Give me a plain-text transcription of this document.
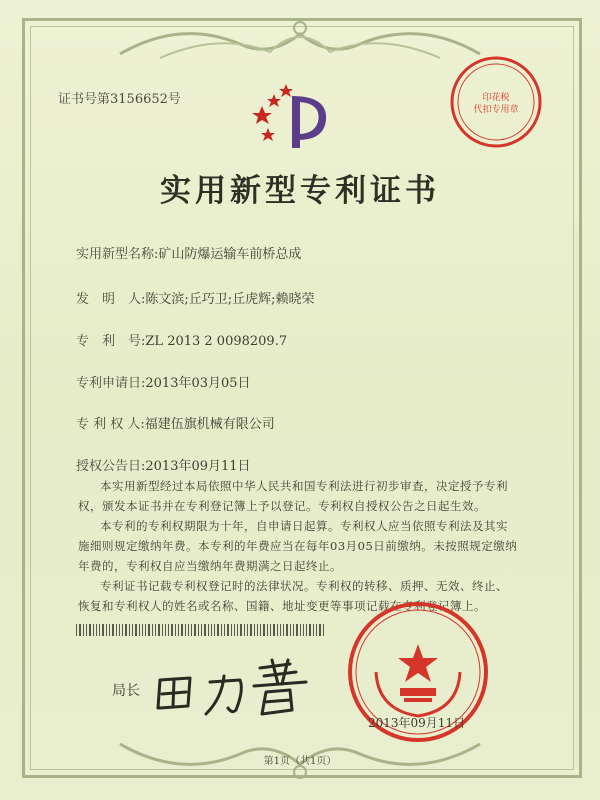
证书号第3156652号	印花税
代扣专用章
实用新型专利证书
实用新型名称:矿山防爆运输车前桥总成
发　明　人:陈文滨;丘巧卫;丘虎辉;赖晓荣
专　利　号:ZL 2013 2 0098209.7
专利申请日:2013年03月05日
专 利 权 人:福建伍旗机械有限公司
授权公告日:2013年09月11日

本实用新型经过本局依照中华人民共和国专利法进行初步审查，决定授予专利权，颁发本证书并在专利登记簿上予以登记。专利权自授权公告之日起生效。

本专利的专利权期限为十年，自申请日起算。专利权人应当依照专利法及其实施细则规定缴纳年费。本专利的年费应当在每年03月05日前缴纳。未按照规定缴纳年费的，专利权自应当缴纳年费期满之日起终止。

专利证书记载专利权登记时的法律状况。专利权的转移、质押、无效、终止、恢复和专利权人的姓名或名称、国籍、地址变更等事项记载在专利登记簿上。

局长
2013年09月11日
第1页（共1页）
